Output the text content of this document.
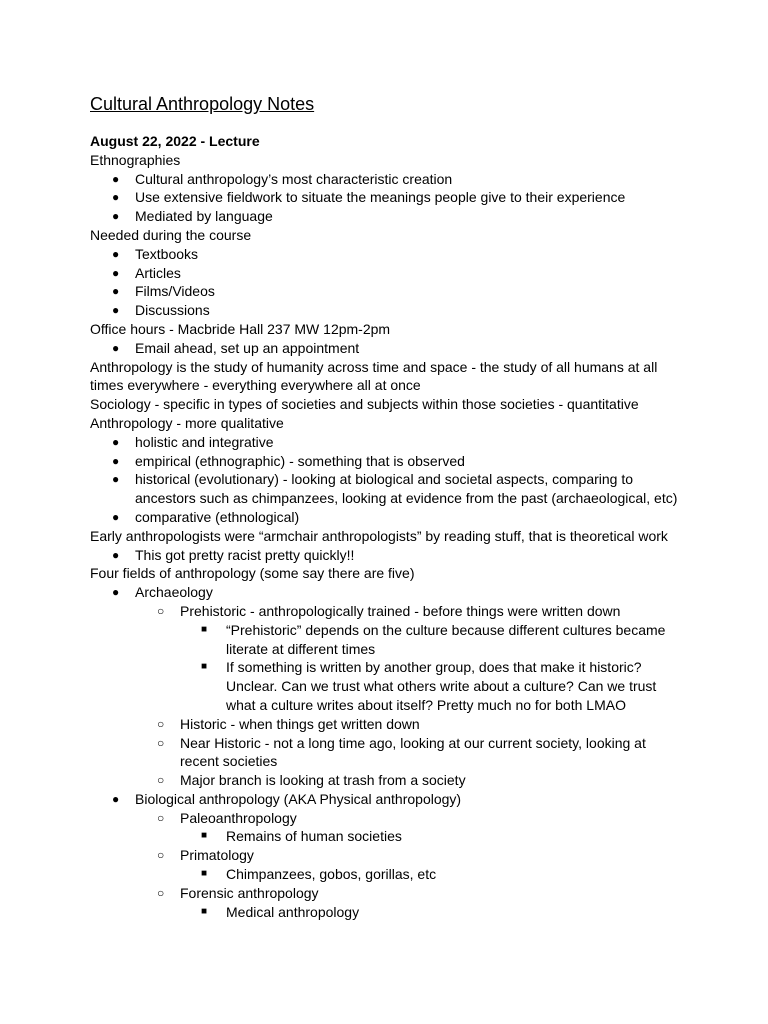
Cultural Anthropology Notes

August 22, 2022 - Lecture

Ethnographies

● Cultural anthropology’s most characteristic creation
● Use extensive fieldwork to situate the meanings people give to their experience
● Mediated by language

Needed during the course

● Textbooks
● Articles
● Films/Videos
● Discussions

Office hours - Macbride Hall 237 MW 12pm-2pm

● Email ahead, set up an appointment

Anthropology is the study of humanity across time and space - the study of all humans at all times everywhere - everything everywhere all at once

Sociology - specific in types of societies and subjects within those societies - quantitative

Anthropology - more qualitative

● holistic and integrative
● empirical (ethnographic) - something that is observed
● historical (evolutionary) - looking at biological and societal aspects, comparing to ancestors such as chimpanzees, looking at evidence from the past (archaeological, etc)
● comparative (ethnological)

Early anthropologists were “armchair anthropologists” by reading stuff, that is theoretical work

● This got pretty racist pretty quickly!!

Four fields of anthropology (some say there are five)

● Archaeology
○ Prehistoric - anthropologically trained - before things were written down
■ “Prehistoric” depends on the culture because different cultures became literate at different times
■ If something is written by another group, does that make it historic? Unclear. Can we trust what others write about a culture? Can we trust what a culture writes about itself? Pretty much no for both LMAO
○ Historic - when things get written down
○ Near Historic - not a long time ago, looking at our current society, looking at recent societies
○ Major branch is looking at trash from a society
● Biological anthropology (AKA Physical anthropology)
○ Paleoanthropology
■ Remains of human societies
○ Primatology
■ Chimpanzees, gobos, gorillas, etc
○ Forensic anthropology
■ Medical anthropology
